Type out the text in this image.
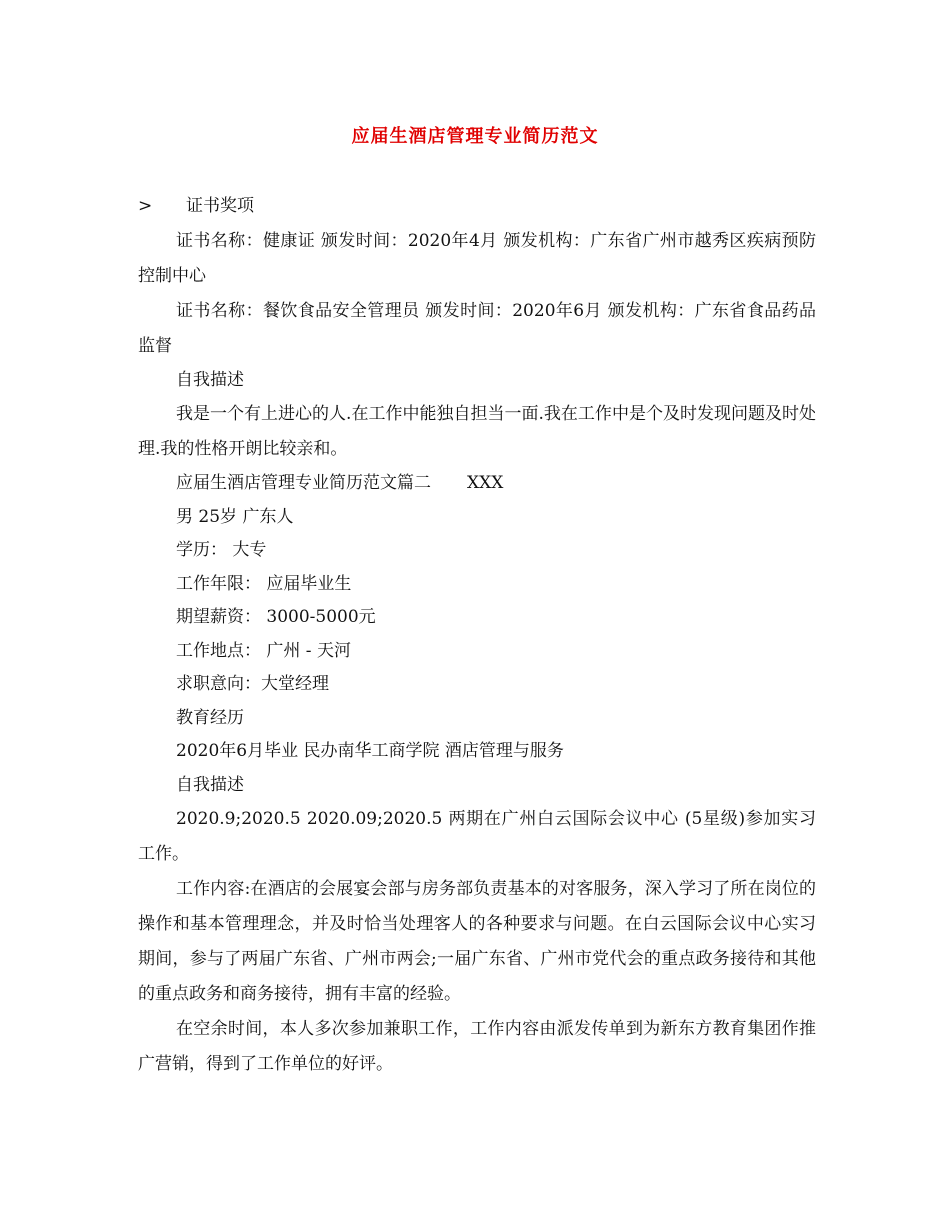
应届生酒店管理专业简历范文

> 证书奖项

证书名称：健康证 颁发时间：2020年4月 颁发机构：广东省广州市越秀区疾病预防控制中心

证书名称：餐饮食品安全管理员 颁发时间：2020年6月 颁发机构：广东省食品药品监督

自我描述

我是一个有上进心的人.在工作中能独自担当一面.我在工作中是个及时发现问题及时处理.我的性格开朗比较亲和。

应届生酒店管理专业简历范文篇二 XXX

男 25岁 广东人

学历： 大专

工作年限： 应届毕业生

期望薪资： 3000-5000元

工作地点： 广州 - 天河

求职意向：大堂经理

教育经历

2020年6月毕业 民办南华工商学院 酒店管理与服务

自我描述

2020.9;2020.5 2020.09;2020.5 两期在广州白云国际会议中心 (5星级)参加实习工作。

工作内容:在酒店的会展宴会部与房务部负责基本的对客服务，深入学习了所在岗位的操作和基本管理理念，并及时恰当处理客人的各种要求与问题。在白云国际会议中心实习期间，参与了两届广东省、广州市两会;一届广东省、广州市党代会的重点政务接待和其他的重点政务和商务接待，拥有丰富的经验。

在空余时间，本人多次参加兼职工作，工作内容由派发传单到为新东方教育集团作推广营销，得到了工作单位的好评。
